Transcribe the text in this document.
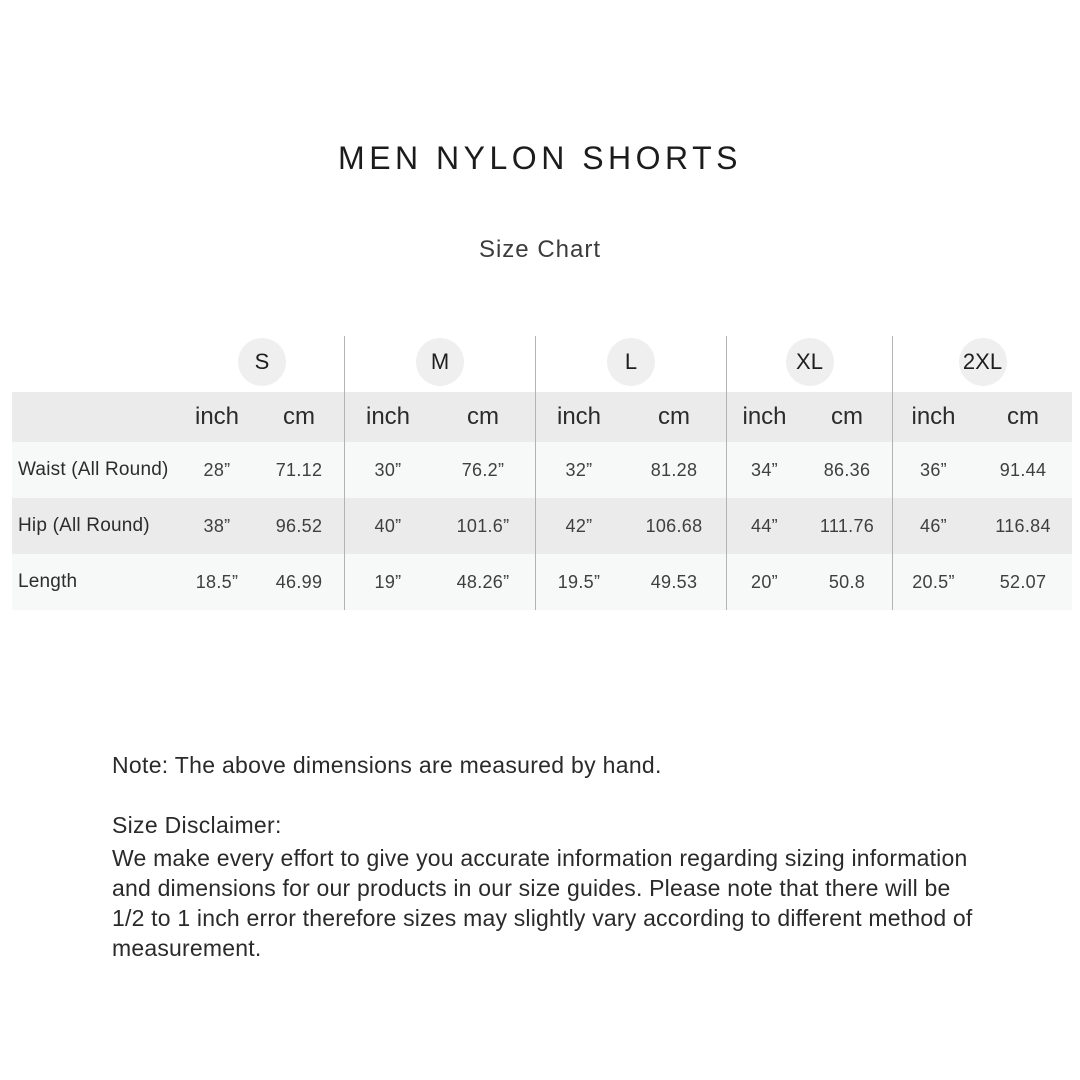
MEN NYLON SHORTS
Size Chart
S	M	L	XL	2XL
inch	cm	inch	cm	inch	cm	inch	cm	inch	cm
Waist (All Round)	28”	71.12	30”	76.2”	32”	81.28	34”	86.36	36”	91.44
Hip (All Round)	38”	96.52	40”	101.6”	42”	106.68	44”	111.76	46”	116.84
Length	18.5”	46.99	19”	48.26”	19.5”	49.53	20”	50.8	20.5”	52.07
Note: The above dimensions are measured by hand.
Size Disclaimer:
We make every effort to give you accurate information regarding sizing information and dimensions for our products in our size guides. Please note that there will be 1/2 to 1 inch error therefore sizes may slightly vary according to different method of measurement.
